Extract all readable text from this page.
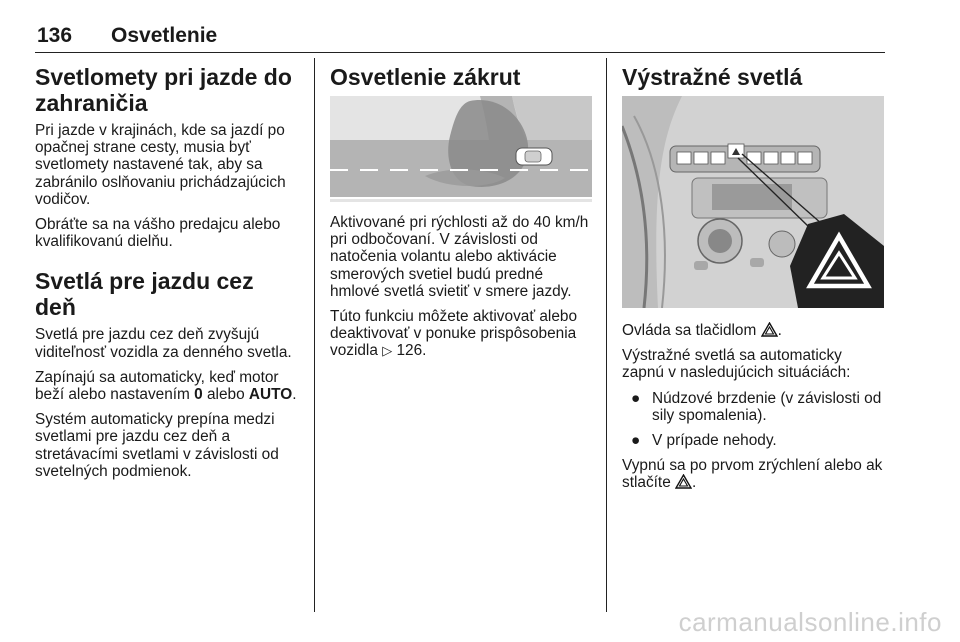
136 Osvetlenie
Svetlomety pri jazde do zahraničia

Pri jazde v krajinách, kde sa jazdí po opačnej strane cesty, musia byť svetlomety nastavené tak, aby sa zabránilo oslňovaniu prichádzajúcich vodičov.

Obráťte sa na vášho predajcu alebo kvalifikovanú dielňu.

Svetlá pre jazdu cez deň

Svetlá pre jazdu cez deň zvyšujú viditeľnosť vozidla za denného svetla.

Zapínajú sa automaticky, keď motor beží alebo nastavením 0 alebo AUTO.

Systém automaticky prepína medzi svetlami pre jazdu cez deň a stretávacími svetlami v závislosti od svetelných podmienok.

Osvetlenie zákrut

Aktivované pri rýchlosti až do 40 km/h pri odbočovaní. V závislosti od natočenia volantu alebo aktivácie smerových svetiel budú predné hmlové svetlá svietiť v smere jazdy.

Túto funkciu môžete aktivovať alebo deaktivovať v ponuke prispôsobenia vozidla ▷ 126.

Výstražné svetlá

Ovláda sa tlačidlom .

Výstražné svetlá sa automaticky zapnú v nasledujúcich situáciách:

● Núdzové brzdenie (v závislosti od sily spomalenia).
● V prípade nehody.

Vypnú sa po prvom zrýchlení alebo ak stlačíte .

carmanualsonline.info
